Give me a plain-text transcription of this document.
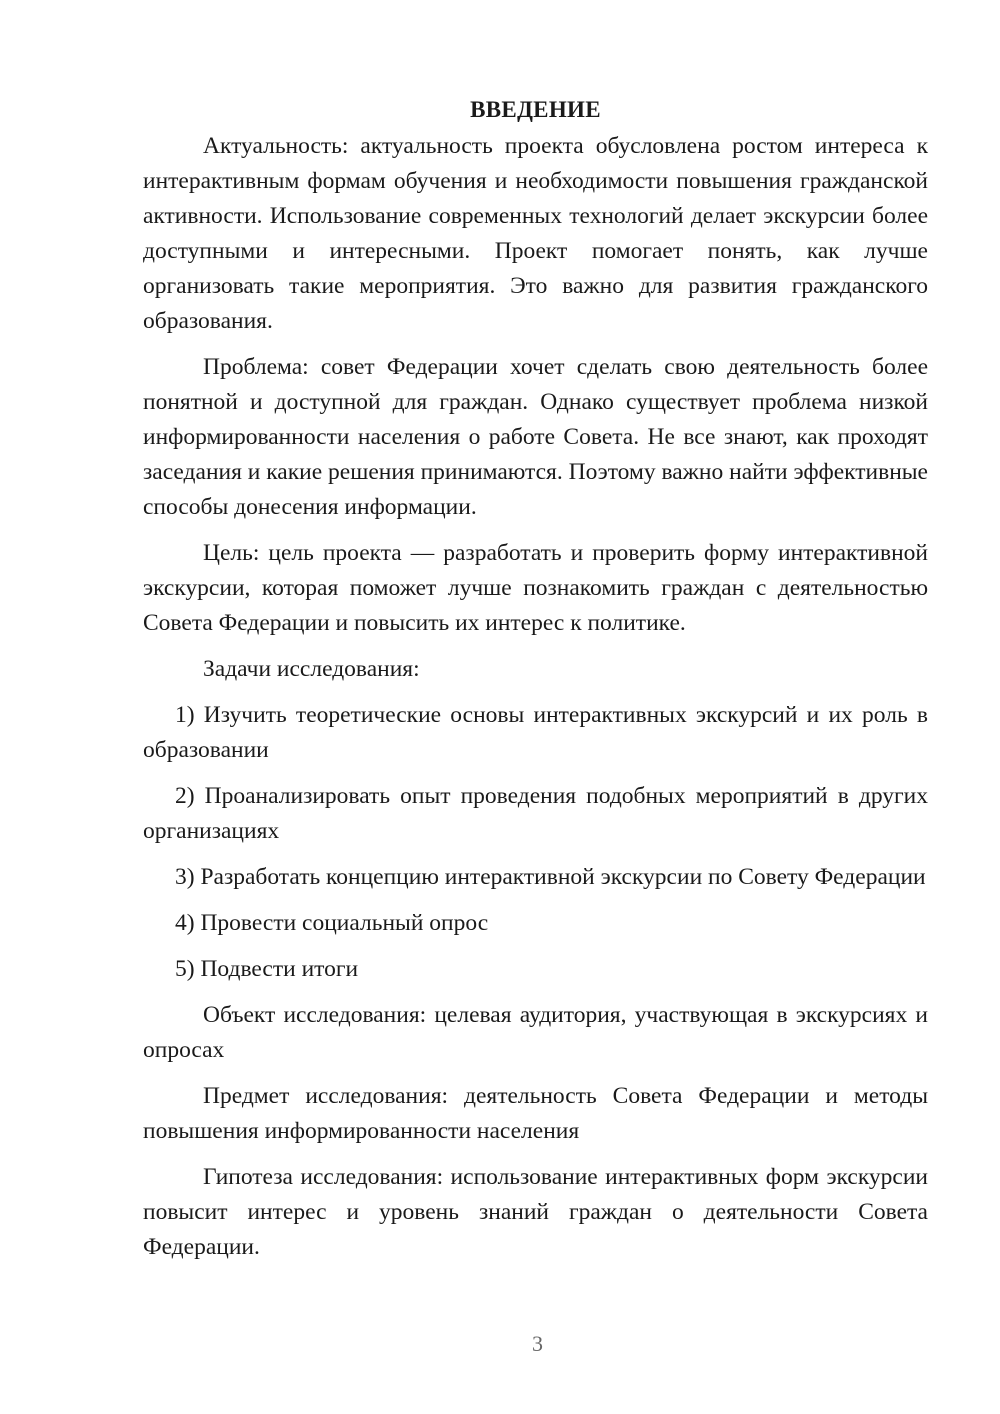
ВВЕДЕНИЕ

Актуальность: актуальность проекта обусловлена ростом интереса к интерактивным формам обучения и необходимости повышения гражданской активности. Использование современных технологий делает экскурсии более доступными и интересными. Проект помогает понять, как лучше организовать такие мероприятия. Это важно для развития гражданского образования.

Проблема: совет Федерации хочет сделать свою деятельность более понятной и доступной для граждан. Однако существует проблема низкой информированности населения о работе Совета. Не все знают, как проходят заседания и какие решения принимаются. Поэтому важно найти эффективные способы донесения информации.

Цель: цель проекта — разработать и проверить форму интерактивной экскурсии, которая поможет лучше познакомить граждан с деятельностью Совета Федерации и повысить их интерес к политике.

Задачи исследования:

1) Изучить теоретические основы интерактивных экскурсий и их роль в образовании

2) Проанализировать опыт проведения подобных мероприятий в других организациях

3) Разработать концепцию интерактивной экскурсии по Совету Федерации

4) Провести социальный опрос

5) Подвести итоги

Объект исследования: целевая аудитория, участвующая в экскурсиях и опросах

Предмет исследования: деятельность Совета Федерации и методы повышения информированности населения

Гипотеза исследования: использование интерактивных форм экскурсии повысит интерес и уровень знаний граждан о деятельности Совета Федерации.

3
